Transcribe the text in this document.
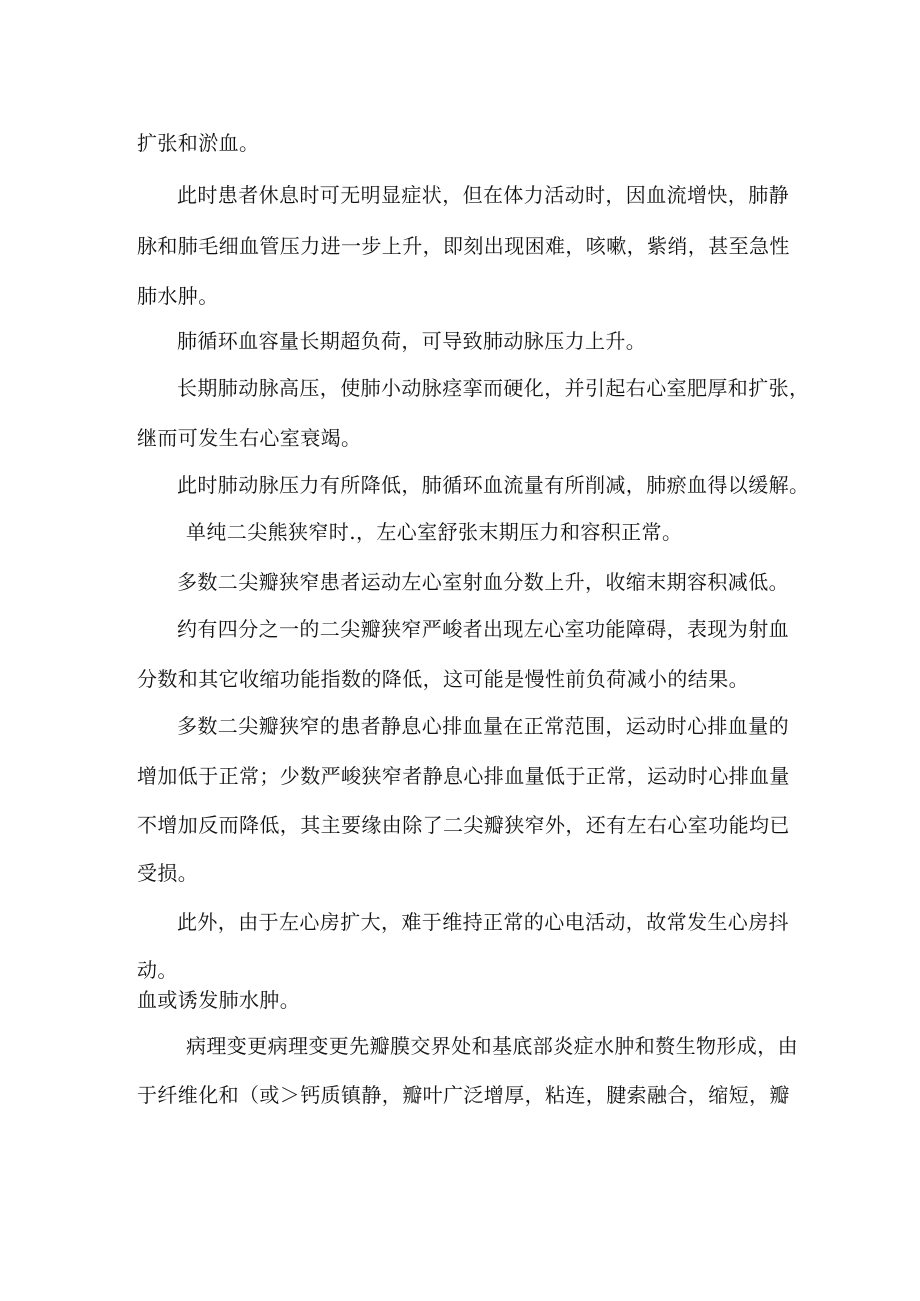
扩张和淤血。
此时患者休息时可无明显症状，但在体力活动时，因血流增快，肺静
脉和肺毛细血管压力进一步上升，即刻出现困难，咳嗽，紫绡，甚至急性
肺水肿。
肺循环血容量长期超负荷，可导致肺动脉压力上升。
长期肺动脉高压，使肺小动脉痉挛而硬化，并引起右心室肥厚和扩张，
继而可发生右心室衰竭。
此时肺动脉压力有所降低，肺循环血流量有所削减，肺瘀血得以缓解。
单纯二尖熊狭窄时.，左心室舒张末期压力和容积正常。
多数二尖瓣狭窄患者运动左心室射血分数上升，收缩末期容积减低。
约有四分之一的二尖瓣狭窄严峻者出现左心室功能障碍，表现为射血
分数和其它收缩功能指数的降低，这可能是慢性前负荷减小的结果。
多数二尖瓣狭窄的患者静息心排血量在正常范围，运动时心排血量的
增加低于正常；少数严峻狭窄者静息心排血量低于正常，运动时心排血量
不增加反而降低，其主要缘由除了二尖瓣狭窄外，还有左右心室功能均已
受损。
此外，由于左心房扩大，难于维持正常的心电活动，故常发生心房抖
动。
血或诱发肺水肿。
病理变更病理变更先瓣膜交界处和基底部炎症水肿和赘生物形成，由
于纤维化和（或＞钙质镇静，瓣叶广泛增厚，粘连，腱索融合，缩短，瓣
